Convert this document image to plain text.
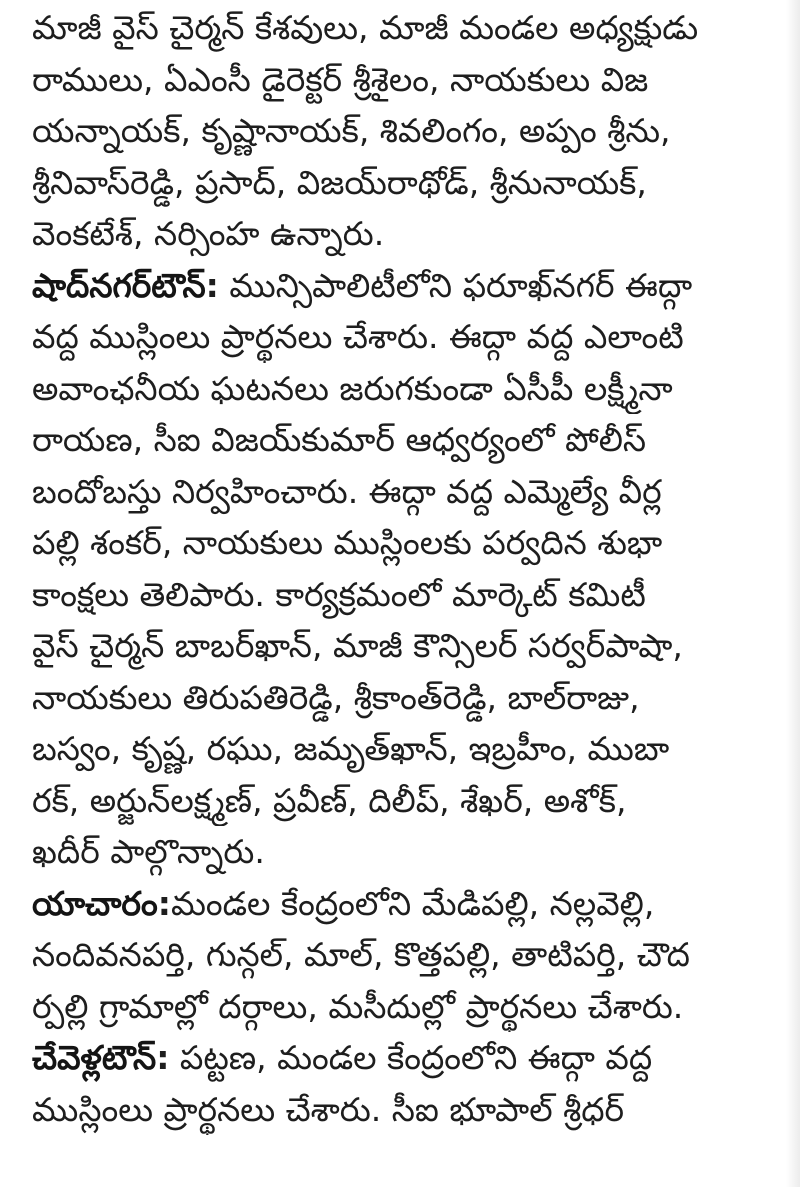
మాజీ వైస్ చైర్మన్ కేశవులు, మాజీ మండల అధ్యక్షుడు
రాములు, ఏఎంసీ డైరెక్టర్ శ్రీశైలం, నాయకులు విజ
యన్నాయక్, కృష్ణానాయక్, శివలింగం, అప్పం శ్రీను,
శ్రీనివాస్‌రెడ్డి, ప్రసాద్, విజయ్‌రాథోడ్, శ్రీనునాయక్,
వెంకటేశ్, నర్సింహ ఉన్నారు.
షాద్‌నగర్‌టౌన్: మున్సిపాలిటీలోని ఫరూఖ్‌నగర్ ఈద్గా
వద్ద ముస్లింలు ప్రార్థనలు చేశారు. ఈద్గా వద్ద ఎలాంటి
అవాంఛనీయ ఘటనలు జరుగకుండా ఏసీపీ లక్ష్మీనా
రాయణ, సీఐ విజయ్‌కుమార్ ఆధ్వర్యంలో పోలీస్
బందోబస్తు నిర్వహించారు. ఈద్గా వద్ద ఎమ్మెల్యే వీర్ల
పల్లి శంకర్, నాయకులు ముస్లింలకు పర్వదిన శుభా
కాంక్షలు తెలిపారు. కార్యక్రమంలో మార్కెట్ కమిటీ
వైస్ చైర్మన్ బాబర్‌ఖాన్, మాజీ కౌన్సిలర్ సర్వర్‌పాషా,
నాయకులు తిరుపతిరెడ్డి, శ్రీకాంత్‌రెడ్డి, బాల్‌రాజు,
బస్వం, కృష్ణ, రఘు, జమృత్‌ఖాన్, ఇబ్రహీం, ముబా
రక్, అర్జున్‌లక్ష్మణ్, ప్రవీణ్, దిలీప్, శేఖర్, అశోక్,
ఖదీర్ పాల్గొన్నారు.
యాచారం:మండల కేంద్రంలోని మేడిపల్లి, నల్లవెల్లి,
నందివనపర్తి, గున్గల్, మాల్, కొత్తపల్లి, తాటిపర్తి, చౌద
ర్పల్లి గ్రామాల్లో దర్గాలు, మసీదుల్లో ప్రార్థనలు చేశారు.
చేవెళ్లటౌన్: పట్టణ, మండల కేంద్రంలోని ఈద్గా వద్ద
ముస్లింలు ప్రార్థనలు చేశారు. సీఐ భూపాల్ శ్రీధర్
